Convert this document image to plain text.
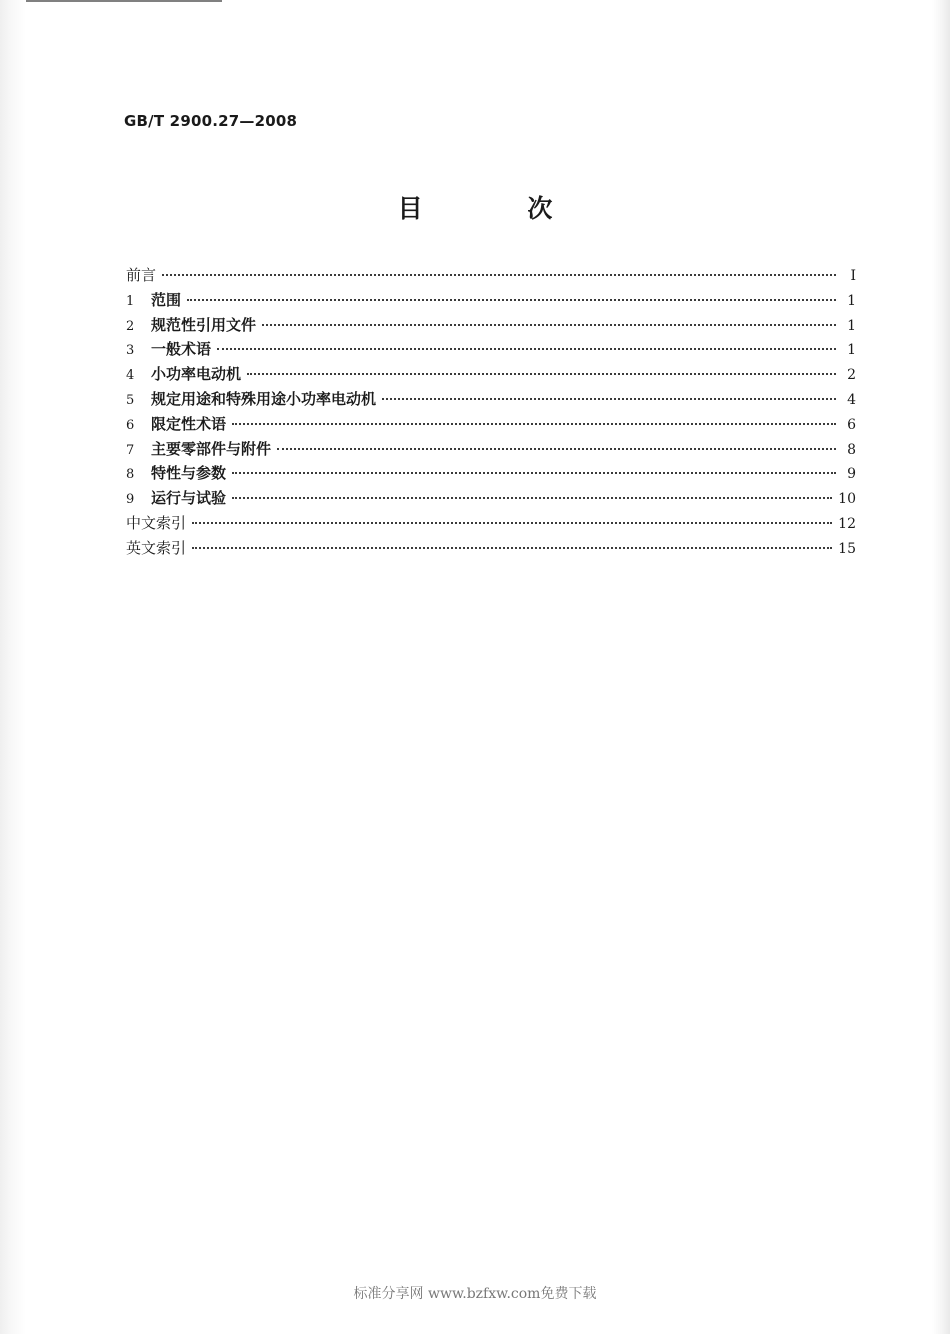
GB/T 2900.27—2008
目 次
前言	Ⅰ
1	范围	1
2	规范性引用文件	1
3	一般术语	1
4	小功率电动机	2
5	规定用途和特殊用途小功率电动机	4
6	限定性术语	6
7	主要零部件与附件	8
8	特性与参数	9
9	运行与试验	10
中文索引	12
英文索引	15
标准分享网 www.bzfxw.com免费下载
